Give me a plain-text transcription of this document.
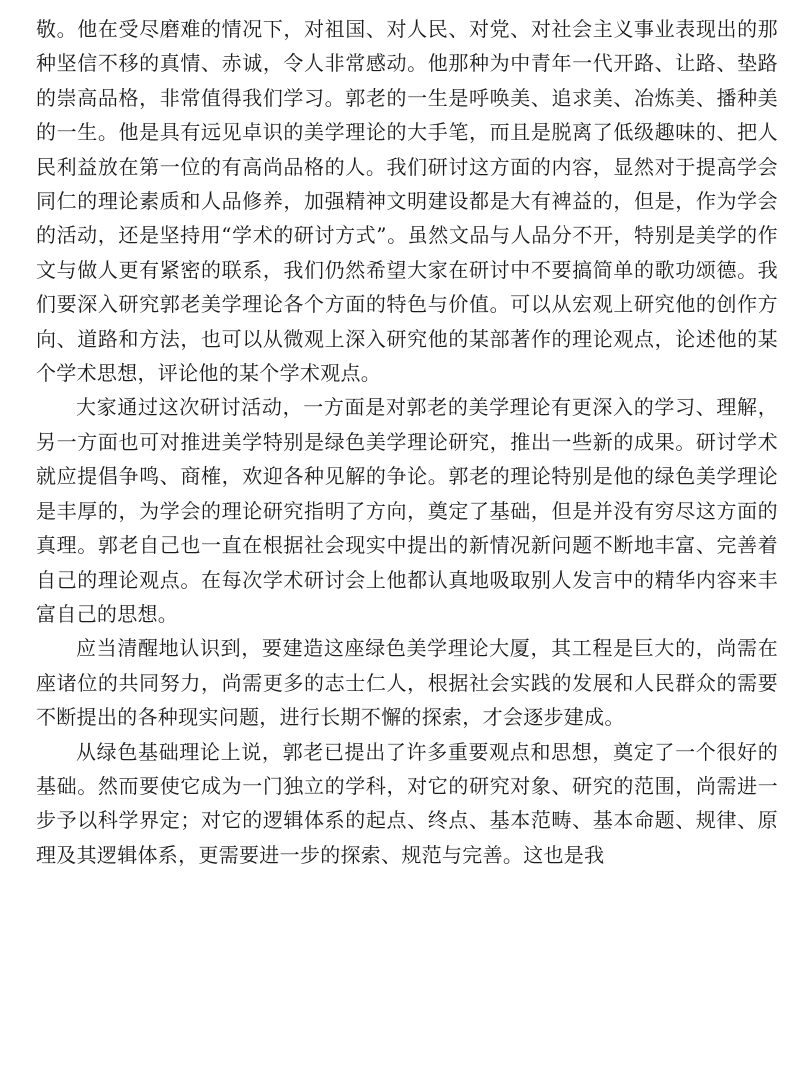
敬。他在受尽磨难的情况下，对祖国、对人民、对党、对社会主义事业表现出的那种坚信不移的真情、赤诚，令人非常感动。他那种为中青年一代开路、让路、垫路的崇高品格，非常值得我们学习。郭老的一生是呼唤美、追求美、冶炼美、播种美的一生。他是具有远见卓识的美学理论的大手笔，而且是脱离了低级趣味的、把人民利益放在第一位的有高尚品格的人。我们研讨这方面的内容，显然对于提高学会同仁的理论素质和人品修养，加强精神文明建设都是大有裨益的，但是，作为学会的活动，还是坚持用“学术的研讨方式”。虽然文品与人品分不开，特别是美学的作文与做人更有紧密的联系，我们仍然希望大家在研讨中不要搞简单的歌功颂德。我们要深入研究郭老美学理论各个方面的特色与价值。可以从宏观上研究他的创作方向、道路和方法，也可以从微观上深入研究他的某部著作的理论观点，论述他的某个学术思想，评论他的某个学术观点。

大家通过这次研讨活动，一方面是对郭老的美学理论有更深入的学习、理解，另一方面也可对推进美学特别是绿色美学理论研究，推出一些新的成果。研讨学术就应提倡争鸣、商榷，欢迎各种见解的争论。郭老的理论特别是他的绿色美学理论是丰厚的，为学会的理论研究指明了方向，奠定了基础，但是并没有穷尽这方面的真理。郭老自己也一直在根据社会现实中提出的新情况新问题不断地丰富、完善着自己的理论观点。在每次学术研讨会上他都认真地吸取别人发言中的精华内容来丰富自己的思想。

应当清醒地认识到，要建造这座绿色美学理论大厦，其工程是巨大的，尚需在座诸位的共同努力，尚需更多的志士仁人，根据社会实践的发展和人民群众的需要不断提出的各种现实问题，进行长期不懈的探索，才会逐步建成。

从绿色基础理论上说，郭老已提出了许多重要观点和思想，奠定了一个很好的基础。然而要使它成为一门独立的学科，对它的研究对象、研究的范围，尚需进一步予以科学界定；对它的逻辑体系的起点、终点、基本范畴、基本命题、规律、原理及其逻辑体系，更需要进一步的探索、规范与完善。这也是我
